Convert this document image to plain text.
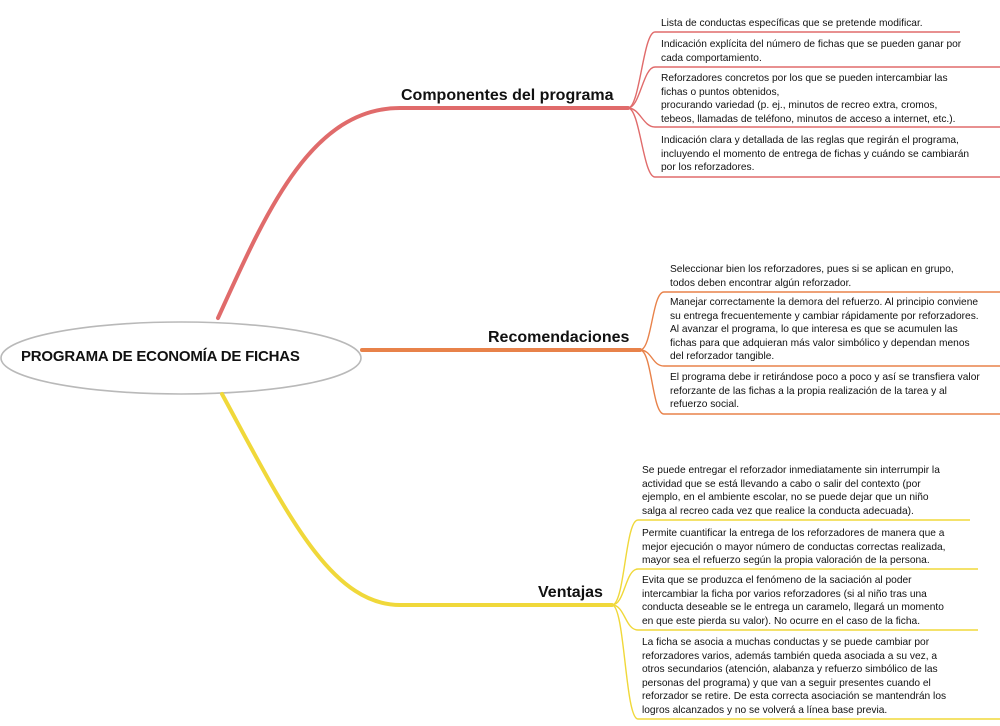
PROGRAMA DE ECONOMÍA DE FICHAS
Componentes del programa
Recomendaciones
Ventajas
Lista de conductas específicas que se pretende modificar.
Indicación explícita del número de fichas que se pueden ganar por
cada comportamiento.
Reforzadores concretos por los que se pueden intercambiar las
fichas o puntos obtenidos,
procurando variedad (p. ej., minutos de recreo extra, cromos,
tebeos, llamadas de teléfono, minutos de acceso a internet, etc.).
Indicación clara y detallada de las reglas que regirán el programa,
incluyendo el momento de entrega de fichas y cuándo se cambiarán
por los reforzadores.
Seleccionar bien los reforzadores, pues si se aplican en grupo,
todos deben encontrar algún reforzador.
Manejar correctamente la demora del refuerzo. Al principio conviene
su entrega frecuentemente y cambiar rápidamente por reforzadores.
Al avanzar el programa, lo que interesa es que se acumulen las
fichas para que adquieran más valor simbólico y dependan menos
del reforzador tangible.
El programa debe ir retirándose poco a poco y así se transfiera valor
reforzante de las fichas a la propia realización de la tarea y al
refuerzo social.
Se puede entregar el reforzador inmediatamente sin interrumpir la
actividad que se está llevando a cabo o salir del contexto (por
ejemplo, en el ambiente escolar, no se puede dejar que un niño
salga al recreo cada vez que realice la conducta adecuada).
Permite cuantificar la entrega de los reforzadores de manera que a
mejor ejecución o mayor número de conductas correctas realizada,
mayor sea el refuerzo según la propia valoración de la persona.
Evita que se produzca el fenómeno de la saciación al poder
intercambiar la ficha por varios reforzadores (si al niño tras una
conducta deseable se le entrega un caramelo, llegará un momento
en que este pierda su valor). No ocurre en el caso de la ficha.
La ficha se asocia a muchas conductas y se puede cambiar por
reforzadores varios, además también queda asociada a su vez, a
otros secundarios (atención, alabanza y refuerzo simbólico de las
personas del programa) y que van a seguir presentes cuando el
reforzador se retire. De esta correcta asociación se mantendrán los
logros alcanzados y no se volverá a línea base previa.
